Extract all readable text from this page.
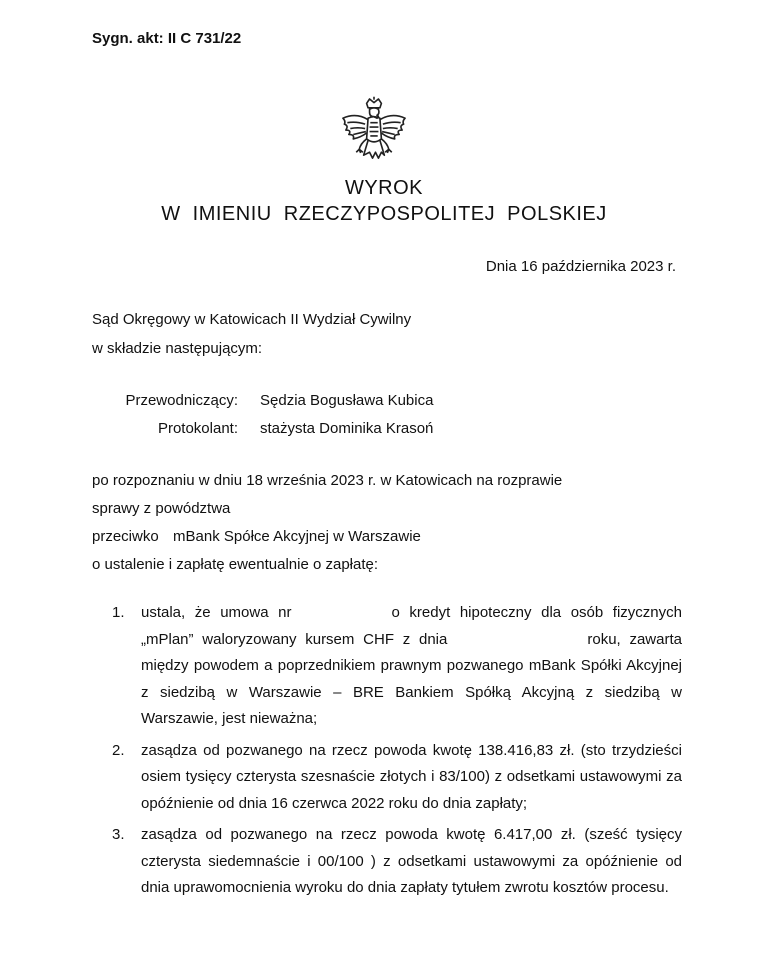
Sygn. akt: II C 731/22
WYROK
W IMIENIU RZECZYPOSPOLITEJ POLSKIEJ
Dnia 16 października 2023 r.
Sąd Okręgowy w Katowicach II Wydział Cywilny
w składzie następującym:
Przewodniczący: Sędzia Bogusława Kubica
Protokolant: stażysta Dominika Krasoń
po rozpoznaniu w dniu 18 września 2023 r. w Katowicach na rozprawie
sprawy z powództwa
przeciwko mBank Spółce Akcyjnej w Warszawie
o ustalenie i zapłatę ewentualnie o zapłatę:
1. ustala, że umowa nr	o kredyt hipoteczny dla osób fizycznych „mPlan” waloryzowany kursem CHF z dnia	roku, zawarta między powodem a poprzednikiem prawnym pozwanego mBank Spółki Akcyjnej z siedzibą w Warszawie – BRE Bankiem Spółką Akcyjną z siedzibą w Warszawie, jest nieważna;
2. zasądza od pozwanego na rzecz powoda kwotę 138.416,83 zł. (sto trzydzieści osiem tysięcy czterysta szesnaście złotych i 83/100) z odsetkami ustawowymi za opóźnienie od dnia 16 czerwca 2022 roku do dnia zapłaty;
3. zasądza od pozwanego na rzecz powoda kwotę 6.417,00 zł. (sześć tysięcy czterysta siedemnaście i 00/100 ) z odsetkami ustawowymi za opóźnienie od dnia uprawomocnienia wyroku do dnia zapłaty tytułem zwrotu kosztów procesu.
